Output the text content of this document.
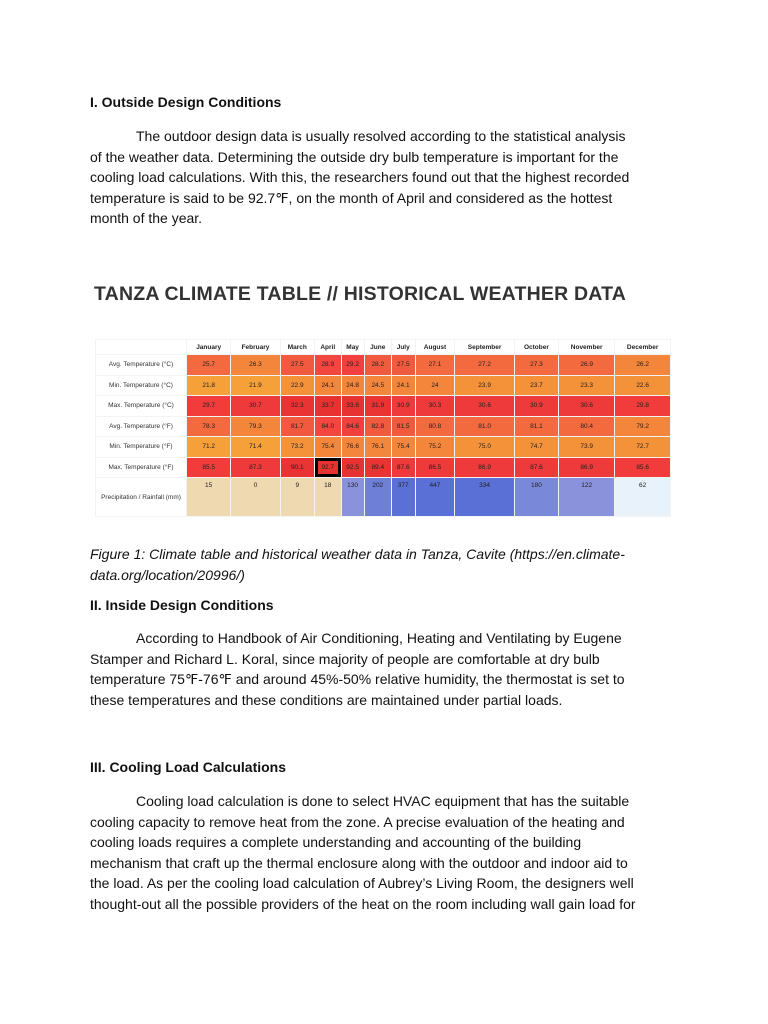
I. Outside Design Conditions
The outdoor design data is usually resolved according to the statistical analysis
of the weather data. Determining the outside dry bulb temperature is important for the
cooling load calculations. With this, the researchers found out that the highest recorded
temperature is said to be 92.7℉, on the month of April and considered as the hottest
month of the year.
TANZA CLIMATE TABLE // HISTORICAL WEATHER DATA
	January	February	March	April	May	June	July	August	September	October	November	December
Avg. Temperature (°C)	25.7	26.3	27.5	28.9	29.2	28.2	27.5	27.1	27.2	27.3	26.9	26.2
Min. Temperature (°C)	21.8	21.9	22.9	24.1	24.8	24.5	24.1	24	23.9	23.7	23.3	22.6
Max. Temperature (°C)	29.7	30.7	32.3	33.7	33.6	31.9	30.9	30.3	30.6	30.9	30.6	29.8
Avg. Temperature (°F)	78.3	79.3	81.7	84.0	84.6	82.8	81.5	80.8	81.0	81.1	80.4	79.2
Min. Temperature (°F)	71.2	71.4	73.2	75.4	76.6	76.1	75.4	75.2	75.0	74.7	73.9	72.7
Max. Temperature (°F)	85.5	87.3	90.1	92.7	92.5	89.4	87.6	86.5	86.9	87.6	86.9	85.6
Precipitation / Rainfall (mm)	15	0	9	18	130	202	377	447	334	180	122	62
Figure 1: Climate table and historical weather data in Tanza, Cavite (https://en.climate-
data.org/location/20996/)
II. Inside Design Conditions
According to Handbook of Air Conditioning, Heating and Ventilating by Eugene
Stamper and Richard L. Koral, since majority of people are comfortable at dry bulb
temperature 75℉-76℉ and around 45%-50% relative humidity, the thermostat is set to
these temperatures and these conditions are maintained under partial loads.
III. Cooling Load Calculations
Cooling load calculation is done to select HVAC equipment that has the suitable
cooling capacity to remove heat from the zone. A precise evaluation of the heating and
cooling loads requires a complete understanding and accounting of the building
mechanism that craft up the thermal enclosure along with the outdoor and indoor aid to
the load. As per the cooling load calculation of Aubrey’s Living Room, the designers well
thought-out all the possible providers of the heat on the room including wall gain load for
